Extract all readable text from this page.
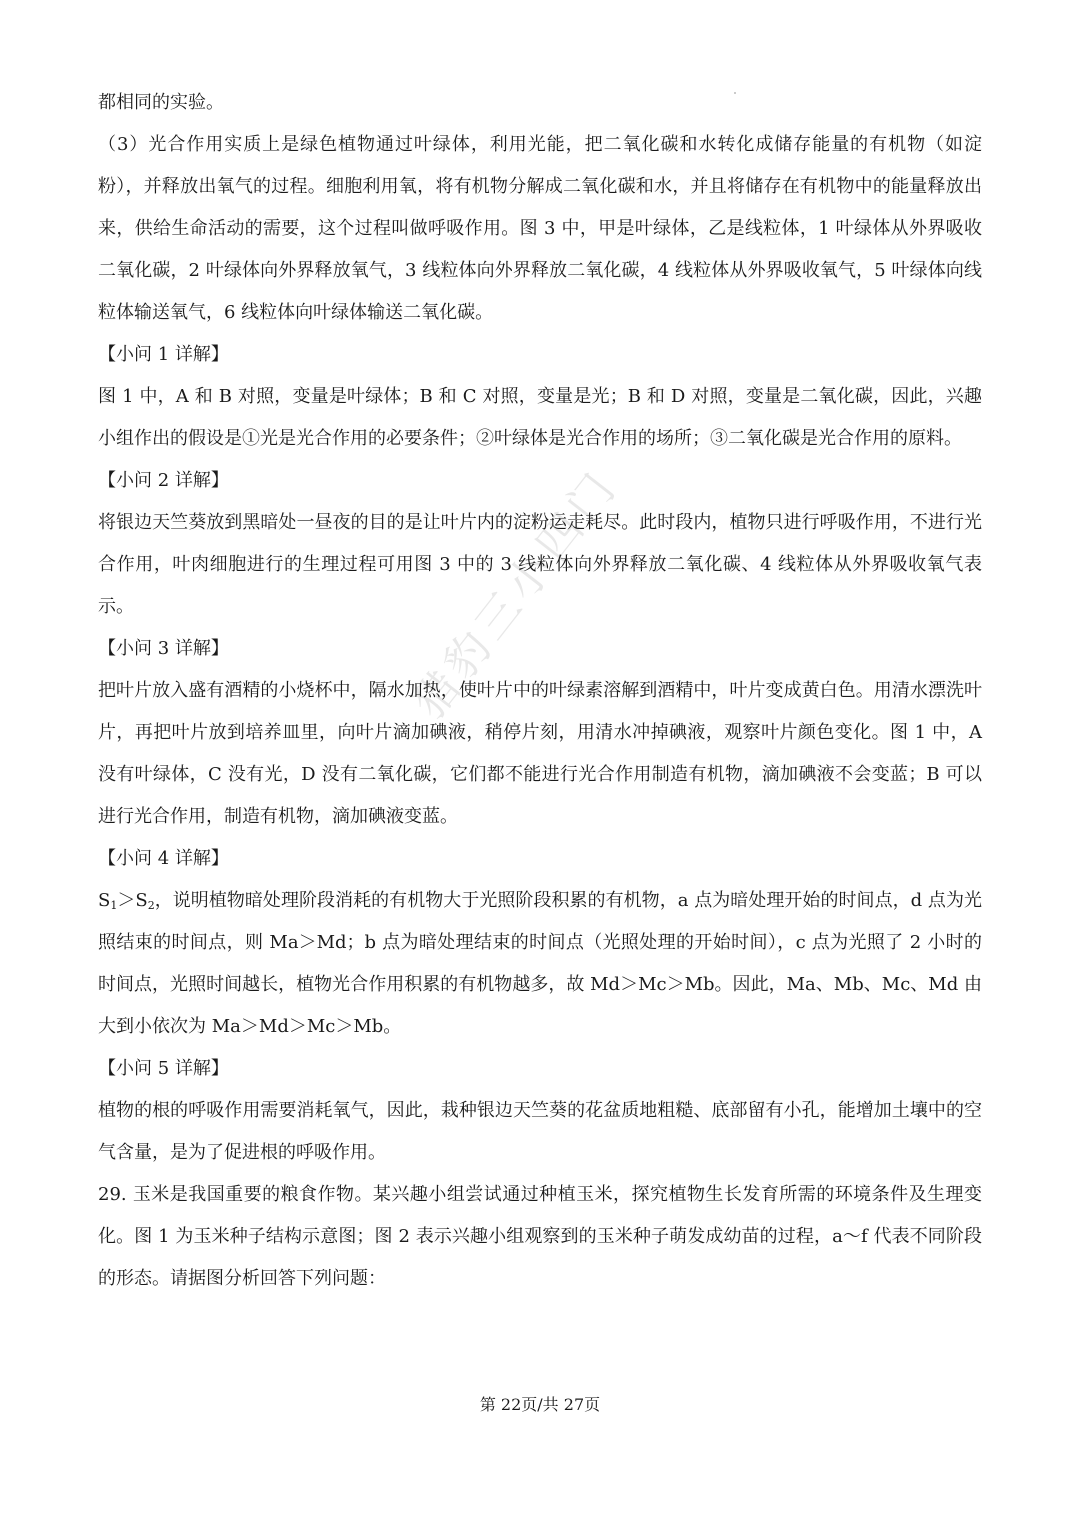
猎豹三小四门

都相同的实验。

（3）光合作用实质上是绿色植物通过叶绿体，利用光能，把二氧化碳和水转化成储存能量的有机物（如淀粉），并释放出氧气的过程。细胞利用氧，将有机物分解成二氧化碳和水，并且将储存在有机物中的能量释放出来，供给生命活动的需要，这个过程叫做呼吸作用。图 3 中，甲是叶绿体，乙是线粒体，1 叶绿体从外界吸收二氧化碳，2 叶绿体向外界释放氧气，3 线粒体向外界释放二氧化碳，4 线粒体从外界吸收氧气，5 叶绿体向线粒体输送氧气，6 线粒体向叶绿体输送二氧化碳。

【小问 1 详解】

图 1 中，A 和 B 对照，变量是叶绿体；B 和 C 对照，变量是光；B 和 D 对照，变量是二氧化碳，因此，兴趣小组作出的假设是①光是光合作用的必要条件；②叶绿体是光合作用的场所；③二氧化碳是光合作用的原料。

【小问 2 详解】

将银边天竺葵放到黑暗处一昼夜的目的是让叶片内的淀粉运走耗尽。此时段内，植物只进行呼吸作用，不进行光合作用，叶肉细胞进行的生理过程可用图 3 中的 3 线粒体向外界释放二氧化碳、4 线粒体从外界吸收氧气表示。

【小问 3 详解】

把叶片放入盛有酒精的小烧杯中，隔水加热，使叶片中的叶绿素溶解到酒精中，叶片变成黄白色。用清水漂洗叶片，再把叶片放到培养皿里，向叶片滴加碘液，稍停片刻，用清水冲掉碘液，观察叶片颜色变化。图 1 中，A 没有叶绿体，C 没有光，D 没有二氧化碳，它们都不能进行光合作用制造有机物，滴加碘液不会变蓝；B 可以进行光合作用，制造有机物，滴加碘液变蓝。

【小问 4 详解】

$S_1>S_2$，说明植物暗处理阶段消耗的有机物大于光照阶段积累的有机物，a 点为暗处理开始的时间点，d 点为光照结束的时间点，则 Ma＞Md；b 点为暗处理结束的时间点（光照处理的开始时间），c 点为光照了 2 小时的时间点，光照时间越长，植物光合作用积累的有机物越多，故 Md＞Mc＞Mb。因此，Ma、Mb、Mc、Md 由大到小依次为 Ma＞Md＞Mc＞Mb。

【小问 5 详解】

植物的根的呼吸作用需要消耗氧气，因此，栽种银边天竺葵的花盆质地粗糙、底部留有小孔，能增加土壤中的空气含量，是为了促进根的呼吸作用。

29. 玉米是我国重要的粮食作物。某兴趣小组尝试通过种植玉米，探究植物生长发育所需的环境条件及生理变化。图 1 为玉米种子结构示意图；图 2 表示兴趣小组观察到的玉米种子萌发成幼苗的过程，a～f 代表不同阶段的形态。请据图分析回答下列问题：

第 22页/共 27页
